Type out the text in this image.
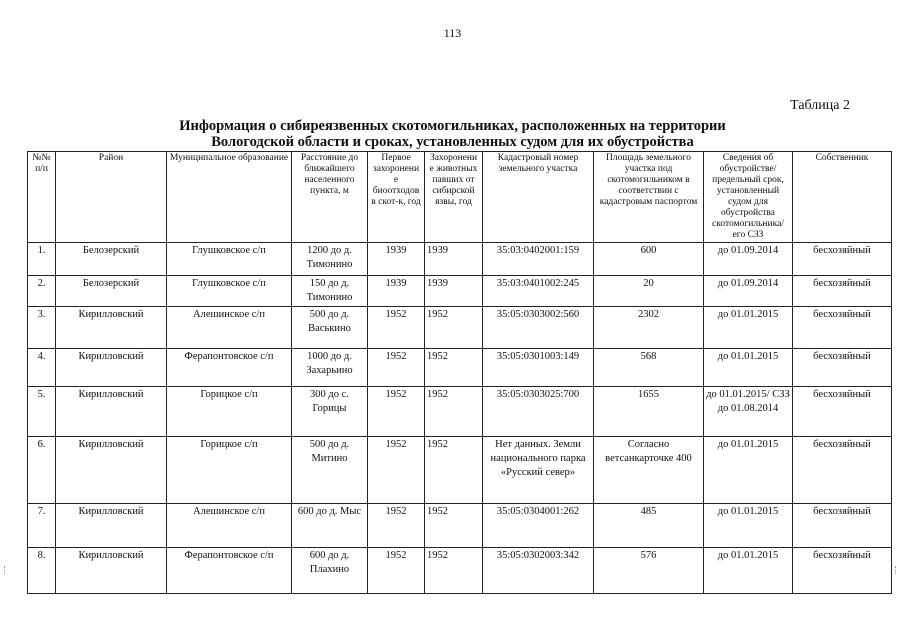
113
Таблица 2
Информация о сибиреязвенных скотомогильниках, расположенных на территории
Вологодской области и сроках, установленных судом для их обустройства
№№ п/п	Район	Муниципальное образование	Расстояние до ближайшего населенного пункта, м	Первое захоронени е биоотходов в скот-к, год	Захоронени е животных павших от сибирской язвы, год	Кадастровый номер земельного участка	Площадь земельного участка под скотомогильником в соответствии с кадастровым паспортом	Сведения об обустройстве/ предельный срок, установленный судом для обустройства скотомогильника/ его СЗЗ	Собственник
1.	Белозерский	Глушковское с/п	1200 до д. Тимонино	1939	1939	35:03:0402001:159	600	до 01.09.2014	бесхозяйный
2.	Белозерский	Глушковское с/п	150 до д. Тимонино	1939	1939	35:03:0401002:245	20	до 01.09.2014	бесхозяйный
3.	Кирилловский	Алешинское с/п	500 до д. Васькино	1952	1952	35:05:0303002:560	2302	до 01.01.2015	бесхозяйный
4.	Кирилловский	Ферапонтовское с/п	1000 до д. Захарьино	1952	1952	35:05:0301003:149	568	до 01.01.2015	бесхозяйный
5.	Кирилловский	Горицкое с/п	300 до с. Горицы	1952	1952	35:05:0303025:700	1655	до 01.01.2015/ СЗЗ до 01.08.2014	бесхозяйный
6.	Кирилловский	Горицкое с/п	500 до д. Митино	1952	1952	Нет данных. Земли национального парка «Русский север»	Согласно ветсанкарточке 400	до 01.01.2015	бесхозяйный
7.	Кирилловский	Алешинское с/п	600 до д. Мыс	1952	1952	35:05:0304001:262	485	до 01.01.2015	бесхозяйный
8.	Кирилловский	Ферапонтовское с/п	600 до д. Плахино	1952	1952	35:05:0302003:342	576	до 01.01.2015	бесхозяйный
